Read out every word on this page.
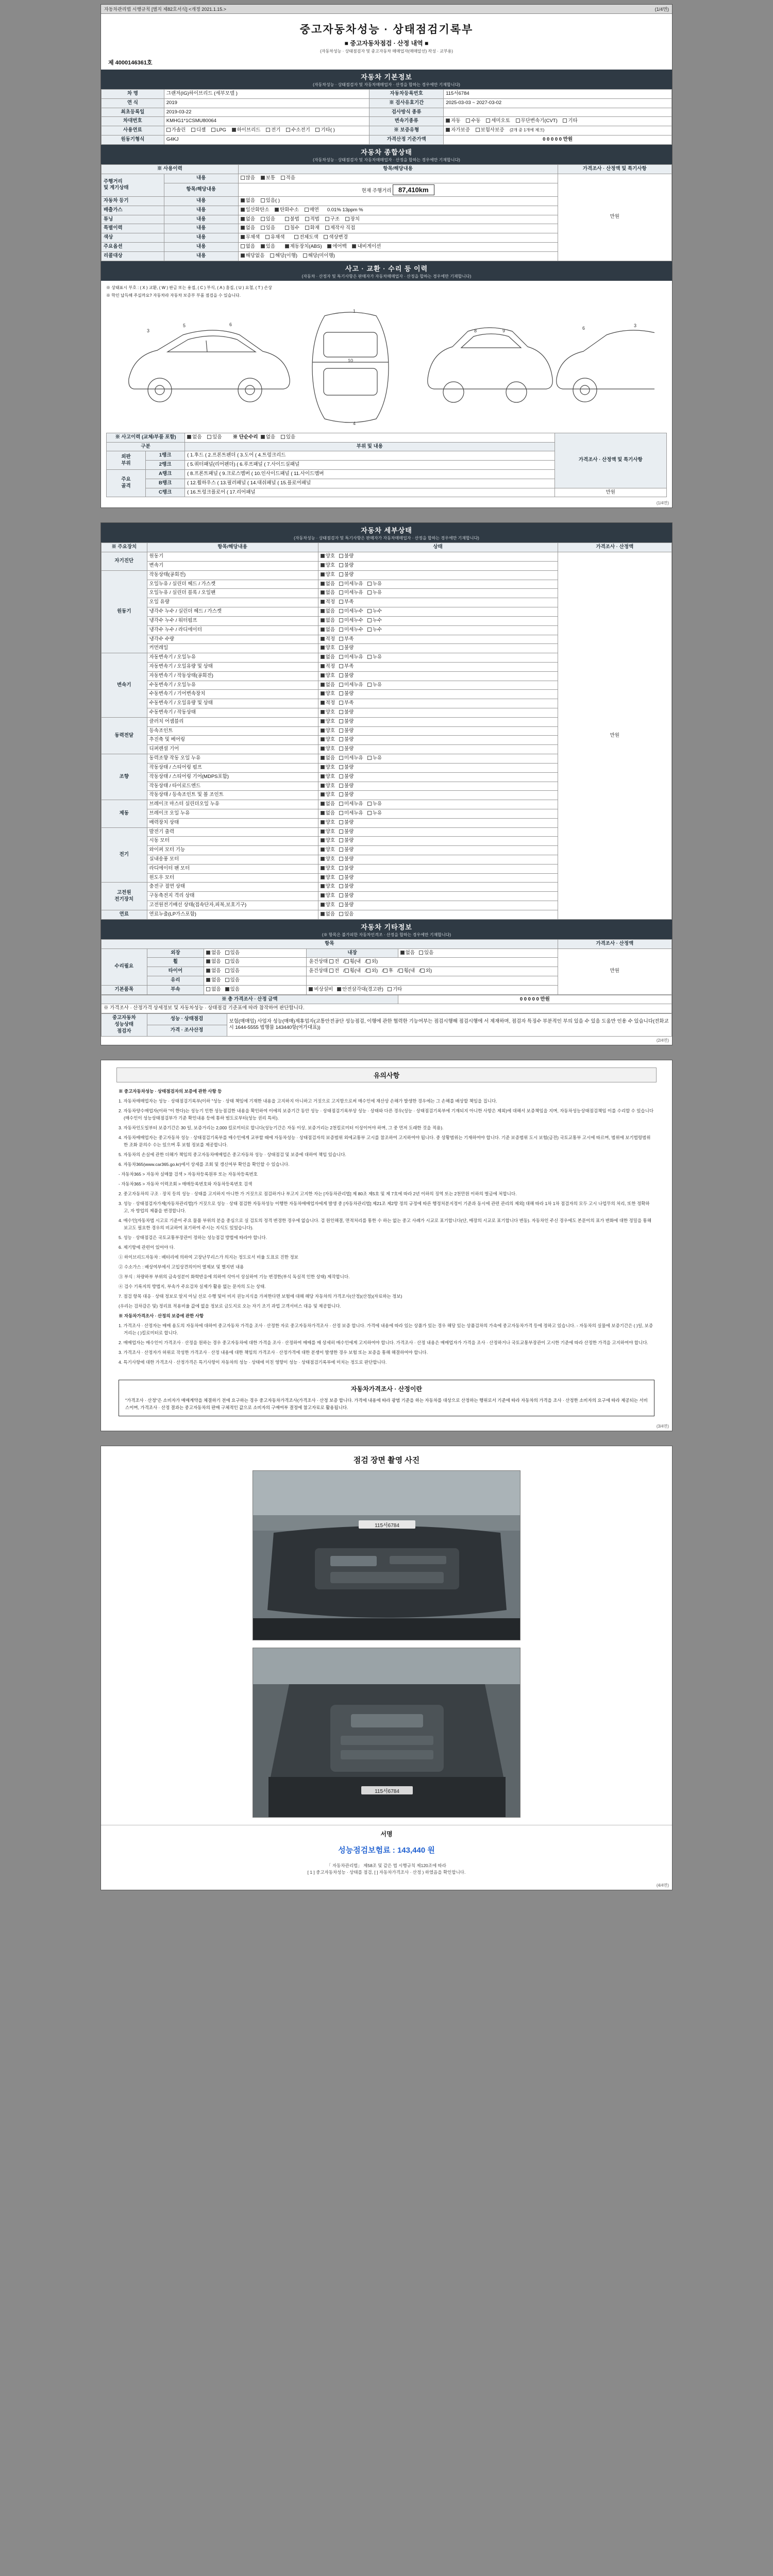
자동차관리법 시행규칙 [별지 제82호서식] <개정 2021.1.15.>	(1/4면)
중고자동차성능 · 상태점검기록부
■ 중고자동차점검 · 산정 내역 ■
(자동차성능 · 상태점검자 및 중고자동차 매매업자(매매알선) 작성 · 교부용)
제 4000146361호
자동차 기본정보
(자동차성능 · 상태점검자 및 자동차매매업자 · 산정을 합하는 경우에만 기재합니다)
차 명	그랜저(IG)하이브리드 (세부모델 )	자동차등록번호	115서6784
연 식	2019	※ 검사유효기간	2025-03-03 ~ 2027-03-02
최초등록일	2019-03-22	검사방식 종류	
차대번호	KMHG1*1CSMU80064	변속기종류	자동 수동 세미오토 무단변속기(CVT) 기타
사용연료	가솔린 디젤 LPG 하이브리드 전기 수소전기 기타( )	※ 보증유형	자가보증 보험사보증 (2개 중 1개에 체크)
원동기형식	G4KJ	가격산정 기준가액	0 0 0 0 0 만원
자동차 종합상태
(자동차성능 · 상태점검자 및 자동차매매업자 · 산정을 합하는 경우에만 기재합니다)
※ 사용이력		항목/해당내용	가격조사 · 산정액 및 특기사항
주행거리
및 계기상태	내용	많음 보통 적음	만원

	항목/해당내용	현재 주행거리 87,410km	
자동차 등기	내용	없음 있음( )	
배출가스	내용	일산화탄소 탄화수소 매연 0.01% 13ppm %	
튜닝	내용	없음 있음 불법 적법 구조 장치	
특별이력	내용	없음 있음 침수 화재 제작사 직접	
색상	내용	무채색 유채색 전체도색 색상변경	
주요옵션	내용	없음 있음 제동장치(ABS) 에어백 내비게이션	
리콜대상	내용	해당없음 해당(이행) 해당(미이행)	
사고 · 교환 · 수리 등 이력
(자동차 · 산정자 및 특기사항은 판매자가 자동차매매업자 · 산정을 합하는 경우에만 기재합니다)
※ 상태표시 부호 : ( X ) 교환, ( W ) 판금 또는 용접, ( C ) 부식, ( A ) 흠집, ( U ) 요철, ( T ) 손상
※ 학인 납득해 주실까요? 자동차라 자동차 보증부 부품 점검을 수 있습니다.
3
5	6
1
10
4
8	9	6	3
※ 사고이력 (교체/부품 포함)		없음 있음 ※ 단순수리 없음 있음	가격조사 · 산정액 및 특기사항

구분		부위 및 내용	
외판
부위	1랭크	( 1.후드 ( 2.프론트펜더 ( 3.도어 ( 4.트렁크리드	
	2랭크	( 5.쿼터패널(리어펜더) ( 6.루프패널 ( 7.사이드실패널	
주요
골격	A랭크	( 8.프론트패널 ( 9.크로스멤버 ( 10.인사이드패널 ( 11.사이드멤버	
	B랭크	( 12.휠하우스 ( 13.필러패널 ( 14.대쉬패널 ( 15.플로어패널	
	C랭크	( 16.트렁크플로어 ( 17.리어패널	만원
(1/4면)
자동차 세부상태
(자동차성능 · 상태점검자 및 특기사항은 판매자가 자동차매매업자 · 산정을 합하는 경우에만 기재합니다)
※ 주요장치	항목/해당내용	상태	가격조사 · 산정액
자기진단	원동기	양호 불량	만원
	변속기	양호 불량	
원동기	작동상태(공회전)	양호 불량	
	오일누유 / 실린더 헤드 / 가스켓	없음 미세누유 누유	
	오일누유 / 실린더 블록 / 오일팬	없음 미세누유 누유	
	오일 유량	적정 부족	
	냉각수 누수 / 실린더 헤드 / 가스켓	없음 미세누수 누수	
	냉각수 누수 / 워터펌프	없음 미세누수 누수	
	냉각수 누수 / 라디에이터	없음 미세누수 누수	
	냉각수 수량	적정 부족	
	커먼레일	양호 불량	
변속기	자동변속기 / 오일누유	없음 미세누유 누유	
	자동변속기 / 오일유량 및 상태	적정 부족	
	자동변속기 / 작동상태(공회전)	양호 불량	
	수동변속기 / 오일누유	없음 미세누유 누유	
	수동변속기 / 기어변속장치	양호 불량	
	수동변속기 / 오일유량 및 상태	적정 부족	
	수동변속기 / 작동상태	양호 불량	
동력전달	클러치 어셈블리	양호 불량	
	등속조인트	양호 불량	
	추진축 및 베어링	양호 불량	
	디퍼렌셜 기어	양호 불량	
조향	동력조향 작동 오일 누유	없음 미세누유 누유	
	작동상태 / 스티어링 펌프	양호 불량	
	작동상태 / 스티어링 기어(MDPS포함)	양호 불량	
	작동상태 / 타이로드엔드	양호 불량	
	작동상태 / 등속조인트 및 볼 조인트	양호 불량	
제동	브레이크 마스터 실린더오일 누유	없음 미세누유 누유	
	브레이크 오일 누유	없음 미세누유 누유	
	배력장치 상태	양호 불량	
전기	발전기 출력	양호 불량	
	시동 모터	양호 불량	
	와이퍼 모터 기능	양호 불량	
	실내송풍 모터	양호 불량	
	라디에이터 팬 모터	양호 불량	
	윈도우 모터	양호 불량	
고전원
전기장치	충전구 절연 상태	양호 불량	
	구동축전지 격리 상태	양호 불량	
	고전원전기배선 상태(접속단자,피복,보호기구)	양호 불량	
연료	연료누출(LP가스포함)	없음 있음	
자동차 기타정보
(※ 항목은 불가피한 자동차인격조 · 산정을 합하는 경우에만 기재합니다)
항목					가격조사 · 산정액
수리필요	외장	없음 있음	내장	없음 있음	만원
	휠	없음 있음	윤건상태 전 / 횡(내 / 외)		
	타이어	없음 있음	윤건상태 전 / 횡(내 / 외) / 후 / 횡(내 / 외)		
	유리	없음 있음			
기본품목	부속	없음 있음	비상설비 안전삼각대(경고판) 기타		
※ 총 가격조사 · 산정 금액	0 0 0 0 0 만원
※ 가격조사 · 산정가격 상세정보 및 자동차성능 · 상태점검 기준표에 따라 참작하여 판단합니다.
중고자동차
성능상태
점검자	성능 · 상태점검	보험(매매업) 사업자 성능(매매)제휴업자(교통안전공단 성능점검, 이행에 관한 협력한 기능여부는 점검시행해 점검시행에 서 제재하며, 점검자 특징수 부분적인 부의 있을 수 있음 도움만 인용 수 있습니다(전화교시 1644-5555 법행물 143440항(여가대표))
가격 · 조사산정
(2/4면)
유의사항

※ 중고자동차성능 · 상태점검자의 보증에 관한 사항 등

1. 자동차매매업자는 성능 · 상태점검기록부(이하 "성능 · 상태 책임에 기재한 내용을 고지하지 아니하고 거짓으로 고지함으로써 매수인에 재산상 손해가 발생한 경우에는 그 손해를 배상할 책임을 집니다.

2. 자동차양수매업자(이하 "이 한다)는 성능기 인한 성능점검한 내용을 확인하여 이에의 보증기간 동안 성능 · 상태점검기록부상 성능 · 상태와 다른 경우(성능 · 상태점검기록부에 기재되지 아니한 사항은 제외)에 대해서 보증책임을 지며, 자동차성능상태점검책임 이를 수리할 수 있습니다(매수인이 성능상태점검부가 기준 확인내용 등에 통하 범도로부터(성능 권리 특히).

3. 자동차인도일부터 보증기간은 30 일, 보증거리는 2,000 킬로미터로 합니다(성능기간은 자동 이상, 보증거리는 2천킬로미터 이상이어야 하며, 그 중 먼저 도래한 것을 적용).

4. 자동차매매업자는 중고자동차 성능 · 상태점검기록부를 매수인에게 교부할 때에 자동차성능 · 상태점검자의 보증범위 외에교통부 고시를 참조하여 고지하여야 됩니다. 중 상황범위는 기재하여야 합니다. 기준 보증범위 도시 보험(금전) 국토교통부 고시에 따르며, 범위에 보기법령범위한 조화 문의수 수는 있으며 후 보험 정보를 제공합니다.

5. 자동차의 손실에 관한 더해가 책임의 중고자동차매매업은 중고자동차 성능 · 상태점검 및 보증에 대하여 책임 있습니다.

6. 자동차365(www.car365.go.kr)에서 상세를 조회 및 갱신여부 확인을 확인할 수 있습니다.

- 자동차365 > 자동차 실매물 검색 > 자동차등록원부 또는 자동차등록번호

- 자동차365 > 자동차 이력조회 > 매매등록번호와 자동차등록번호 검색

2. 중고자동차의 구조 · 장치 등의 성능 · 상태를 고지하지 아니한 가 거짓으로 점검하거나 부고지 고지한 자는 [자동차관리법] 제 80조 제5호 및 제 7호에 따라 2년 이하의 징역 또는 2천만원 이하의 벌금에 처합니다.

3. 성능 · 상태점검자가제[자동차관리법]가 거짓으로 성능 · 상태 점검한 자동차성능 이행한 자동차매매업자에게 발생 중 [자동차관리법] 제21조 제2항 정의 규정에 따른 행정처분지정이 기준과 동시에 관련 관리의 제외] 대해 따라 1차 1차 점검자의 모두 고시 나업무의 처리, 또한 정확하고, 자 방업의 제품을 변경합니다.

4. 매수인[자동차법 시고로 기준이 주요 물품 부위의 분을 중심으로 실 검토의 정격 변경한 경우에 없습니다. 검 원인해결, 면적처리를 통한 수 하는 없는 중고 사례가 시교로 표기합니다(단, 매장의 시교로 표기합니다 변동). 자동차인 주신 경우에도 본문이의 표가 변화에 대한 정밀을 통해 보고도 필요한 경우의 비교하여 표기하여 주시는 지식도 있었습니다).

5. 성능 · 상태점검은 국토교통부장관이 정하는 성능점검 방법에 따라야 합니다.

6. 제기항에 관련이 있어야 다.

① 하이브리드자동차 : 배터리에 의하여 고장난무리스가 의지는 정도로서 비율 도표로 진한 정보

② 수소가스 : 배상여부에서 고입상견의이어 열제보 및 별지번 내용

③ 부식 : 차량하부 부위의 금속성분이 화학반응에 의하여 삭아서 상실하여 기능 변경한(부식 독실적 인한 상태) 제작합니다.

④ 검수 기록지의 방법지, 부속가 주요검차 실제가 활용 없는 문자의 도는 상태.

7. 점검 항목 대응 · 상태 정보로 알지 아닐 선로 수행 및어 비지 권능지식을 가져한다면 보험에 대해 해당 자동차의 가격조사(산정)(산정)(자료하는 정보)

(우리는 검차감은 및) 정리표 적용비율 값에 없을 정보로 금도지로 오는 자기 조기 과업 고객서비스 대응 및 제공합니다.

※ 자동차가격조사 · 산정의 보증에 관한 사항

1. 가격조사 · 산정자는 매매 용도의 자동차에 대하여 중고자동차 가격을 조사 · 산정한 자로 중고자동차가격조사 · 산정 보증 합니다. 가격에 내용에 따라 있는 상품가 있는 경우 해당 있는 상품검차의 가속에 중고자동차가격 등에 정하고 있습니다. - 자동차의 실물에 보증기간은 ( )일, 보증거리는 ( )킬로미터로 합니다.

2. 매매업자는 매수인이 가격조사 · 산정을 원하는 경우 중고자동차에 대한 가격을 조사 · 산정하여 매매를 매 상세히 매수인에게 고지하여야 합니다. 가격조사 · 산정 내용은 매매업자가 가격을 조사 · 산정하거나 국토교통부장관이 고시한 기준에 따라 산정한 가격을 고지하여야 합니다.

3. 가격조사 · 산정자가 허위로 작성한 가격조사 · 산정 내용에 대한 책임의 가격조사 · 산정가격에 대한 분쟁이 발생한 경우 보험 또는 보증을 통해 해결하여야 합니다.

4. 특기사항에 대한 가격조사 · 산정가격은 특기사항이 자동차의 성능 · 상태에 미친 영향이 성능 · 상태점검기록부에 미치는 정도로 판단합니다.

자동차가격조사 · 산정이란
"가격조사 · 산정"은 소비자가 매매계약을 체결하기 전에 요구하는 경우 중고자동차가격조사(가격조사 · 산정 보증 합니다. 가격에 내용에 따라 광범 기준을 하는 자동차를 대상으로 산정하는 행위로서 기준에 따라 자동차의 가격을 조사 · 산정한 소비자의 요구에 따라 제공되는 서비스이며, 가격조사 · 산정 결과는 중고자동차의 판매 구체적인 값으로 소비자의 구매여부 결정에 참고자료로 활용됩니다.
(3/4면)
점검 장면 촬영 사진
115서6784
115서6784
서명
성능점검보험료 : 143,440 원
「 자동차관리법」 제58조 및 같은 법 시행규칙 제120조에 따라
[ 1 ] 중고자동차성능 · 상태를 점검, [ ] 자동차가격조사 · 산정 ) 하였음을 확인합니다.
(4/4면)
